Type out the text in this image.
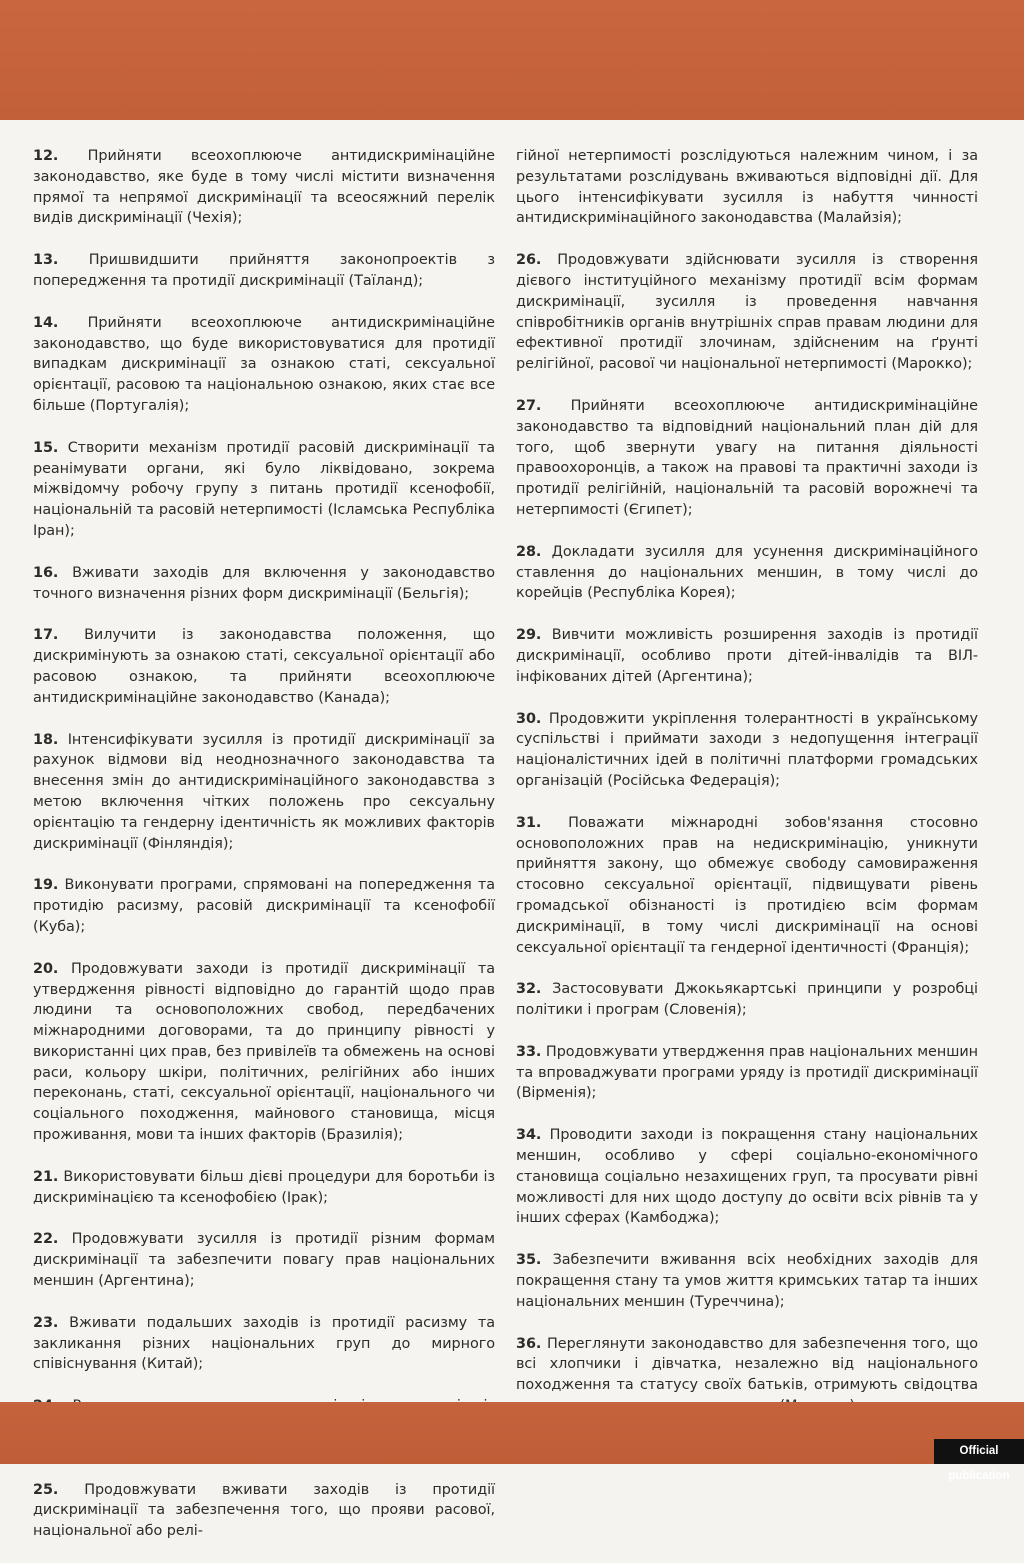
12. Прийняти всеохоплююче антидискримінаційне законодавство, яке буде в тому числі містити визначення прямої та непрямої дискримінації та всеосяжний перелік видів дискримінації (Чехія);

13. Пришвидшити прийняття законопроектів з попередження та протидії дискримінації (Таїланд);

14. Прийняти всеохоплююче антидискримінаційне законодавство, що буде використовуватися для протидії випадкам дискримінації за ознакою статі, сексуальної орієнтації, расовою та національною ознакою, яких стає все більше (Португалія);

15. Створити механізм протидії расовій дискримінації та реанімувати органи, які було ліквідовано, зокрема міжвідомчу робочу групу з питань протидії ксенофобії, національній та расовій нетерпимості (Ісламська Республіка Іран);

16. Вживати заходів для включення у законодавство точного визначення різних форм дискримінації (Бельгія);

17. Вилучити із законодавства положення, що дискримінують за ознакою статі, сексуальної орієнтації або расовою ознакою, та прийняти всеохоплююче антидискримінаційне законодавство (Канада);

18. Інтенсифікувати зусилля із протидії дискримінації за рахунок відмови від неоднозначного законодавства та внесення змін до антидискримінаційного законодавства з метою включення чітких положень про сексуальну орієнтацію та гендерну ідентичність як можливих факторів дискримінації (Фінляндія);

19. Виконувати програми, спрямовані на попередження та протидію расизму, расовій дискримінації та ксенофобії (Куба);

20. Продовжувати заходи із протидії дискримінації та утвердження рівності відповідно до гарантій щодо прав людини та основоположних свобод, передбачених міжнародними договорами, та до принципу рівності у використанні цих прав, без привілеїв та обмежень на основі раси, кольору шкіри, політичних, релігійних або інших переконань, статі, сексуальної орієнтації, національного чи соціального походження, майнового становища, місця проживання, мови та інших факторів (Бразилія);

21. Використовувати більш дієві процедури для боротьби із дискримінацією та ксенофобією (Ірак);

22. Продовжувати зусилля із протидії різним формам дискримінації та забезпечити повагу прав національних меншин (Аргентина);

23. Вживати подальших заходів із протидії расизму та закликання різних національних груп до мирного співіснування (Китай);

25. Продовжувати вживати заходів із протидії дискримінації та забезпечення того, що прояви расової, національної або релі-

гійної нетерпимості розслідуються належним чином, і за результатами розслідувань вживаються відповідні дії. Для цього інтенсифікувати зусилля із набуття чинності антидискримінаційного законодавства (Малайзія);

26. Продовжувати здійснювати зусилля із створення дієвого інституційного механізму протидії всім формам дискримінації, зусилля із проведення навчання співробітників органів внутрішніх справ правам людини для ефективної протидії злочинам, здійсненим на ґрунті релігійної, расової чи національної нетерпимості (Марокко);

27. Прийняти всеохоплююче антидискримінаційне законодавство та відповідний національний план дій для того, щоб звернути увагу на питання діяльності правоохоронців, а також на правові та практичні заходи із протидії релігійній, національній та расовій ворожнечі та нетерпимості (Єгипет);

28. Докладати зусилля для усунення дискримінаційного ставлення до національних меншин, в тому числі до корейців (Республіка Корея);

29. Вивчити можливість розширення заходів із протидії дискримінації, особливо проти дітей-інвалідів та ВІЛ-інфікованих дітей (Аргентина);

30. Продовжити укріплення толерантності в українському суспільстві і приймати заходи з недопущення інтеграції націоналістичних ідей в політичні платформи громадських організацій (Російська Федерація);

31. Поважати міжнародні зобов'язання стосовно основоположних прав на недискримінацію, уникнути прийняття закону, що обмежує свободу самовираження стосовно сексуальної орієнтації, підвищувати рівень громадської обізнаності із протидією всім формам дискримінації, в тому числі дискримінації на основі сексуальної орієнтації та гендерної ідентичності (Франція);

32. Застосовувати Джокьякартські принципи у розробці політики і програм (Словенія);

33. Продовжувати утвердження прав національних меншин та впроваджувати програми уряду із протидії дискримінації (Вірменія);

34. Проводити заходи із покращення стану національних меншин, особливо у сфері соціально-економічного становища соціально незахищених груп, та просувати рівні можливості для них щодо доступу до освіти всіх рівнів та у інших сферах (Камбоджа);

35. Забезпечити вживання всіх необхідних заходів для покращення стану та умов життя кримських татар та інших національних меншин (Туреччина);

36. Переглянути законодавство для забезпечення того, що всі хлопчики і дівчатка, незалежно від національного походження та статусу своїх батьків, отримують свідоцтва

Official publication
